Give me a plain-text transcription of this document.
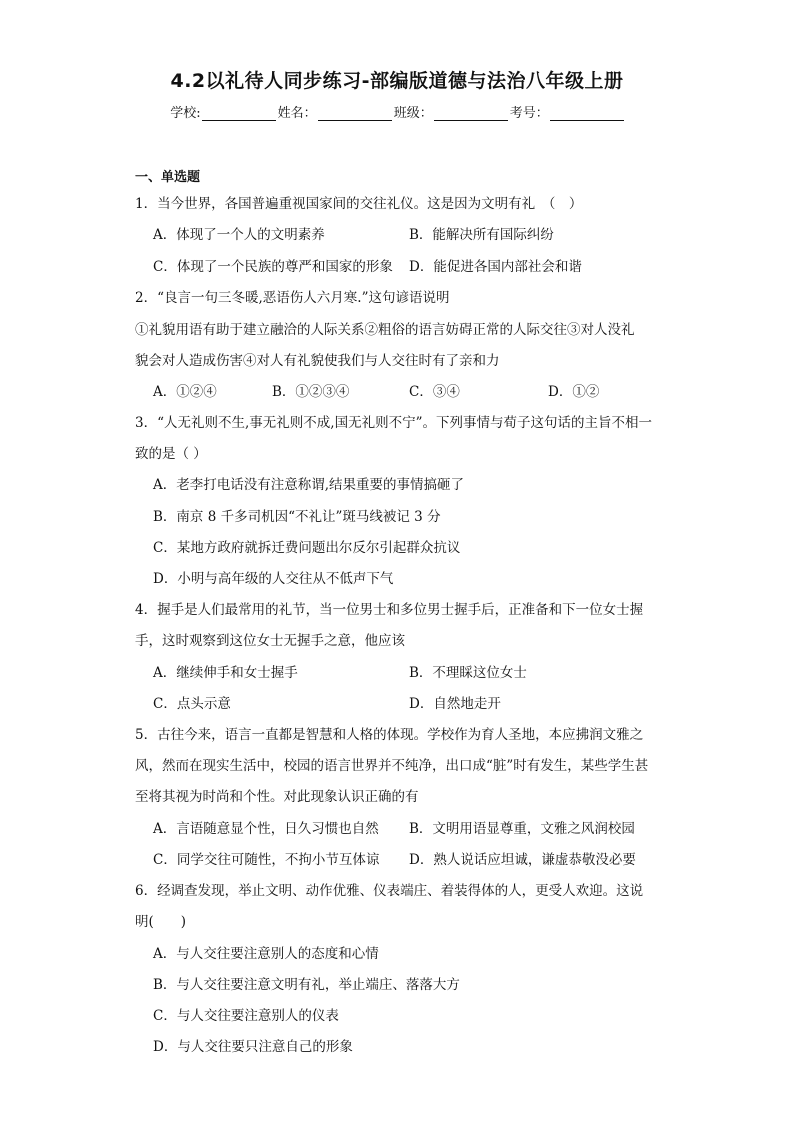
4.2以礼待人同步练习-部编版道德与法治八年级上册
学校:	姓名：	班级：	考号：
一、单选题
1．当今世界，各国普遍重视国家间的交往礼仪。这是因为文明有礼　（　）
A．体现了一个人的文明素养	B．能解决所有国际纠纷
C．体现了一个民族的尊严和国家的形象 D．能促进各国内部社会和谐
2．“良言一句三冬暖,恶语伤人六月寒.”这句谚语说明
①礼貌用语有助于建立融洽的人际关系②粗俗的语言妨碍正常的人际交往③对人没礼
貌会对人造成伤害④对人有礼貌使我们与人交往时有了亲和力
A．①②④	B．①②③④	C．③④	D．①②
3．“人无礼则不生,事无礼则不成,国无礼则不宁”。下列事情与荀子这句话的主旨不相一
致的是（ ）
A．老李打电话没有注意称谓,结果重要的事情搞砸了
B．南京 8 千多司机因“不礼让”斑马线被记 3 分
C．某地方政府就拆迁费问题出尔反尔引起群众抗议
D．小明与高年级的人交往从不低声下气
4．握手是人们最常用的礼节，当一位男士和多位男士握手后，正准备和下一位女士握
手，这时观察到这位女士无握手之意，他应该
A．继续伸手和女士握手	B．不理睬这位女士
C．点头示意	D．自然地走开
5．古往今来，语言一直都是智慧和人格的体现。学校作为育人圣地，本应拂润文雅之
风，然而在现实生活中，校园的语言世界并不纯净，出口成“脏”时有发生，某些学生甚
至将其视为时尚和个性。对此现象认识正确的有
A．言语随意显个性，日久习惯也自然 B．文明用语显尊重，文雅之风润校园
C．同学交往可随性，不拘小节互体谅 D．熟人说话应坦诚，谦虚恭敬没必要
6．经调查发现，举止文明、动作优雅、仪表端庄、着装得体的人，更受人欢迎。这说
明(　　)
A．与人交往要注意别人的态度和心情
B．与人交往要注意文明有礼，举止端庄、落落大方
C．与人交往要注意别人的仪表
D．与人交往要只注意自己的形象
